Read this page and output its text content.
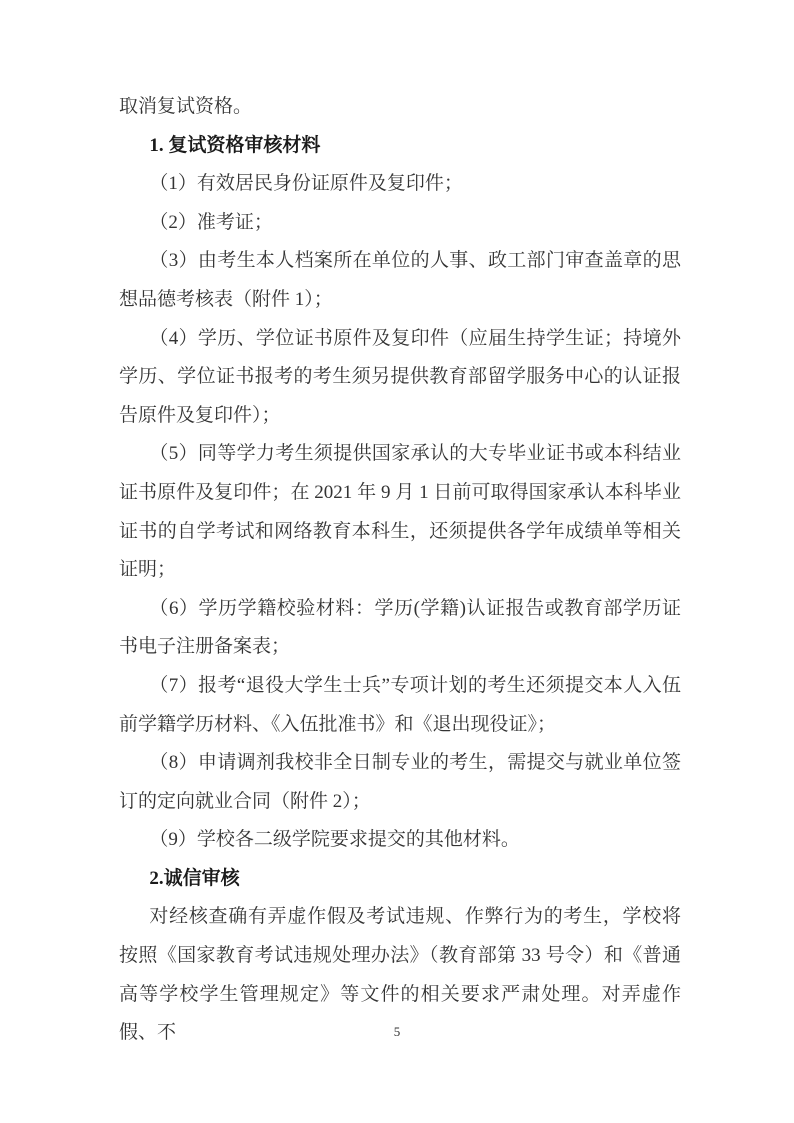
取消复试资格。

1. 复试资格审核材料

（1）有效居民身份证原件及复印件；

（2）准考证；

（3）由考生本人档案所在单位的人事、政工部门审查盖章的思想品德考核表（附件 1）；

（4）学历、学位证书原件及复印件（应届生持学生证；持境外学历、学位证书报考的考生须另提供教育部留学服务中心的认证报告原件及复印件）；

（5）同等学力考生须提供国家承认的大专毕业证书或本科结业证书原件及复印件；在 2021 年 9 月 1 日前可取得国家承认本科毕业证书的自学考试和网络教育本科生，还须提供各学年成绩单等相关证明；

（6）学历学籍校验材料：学历(学籍)认证报告或教育部学历证书电子注册备案表；

（7）报考“退役大学生士兵”专项计划的考生还须提交本人入伍前学籍学历材料、《入伍批准书》和《退出现役证》；

（8）申请调剂我校非全日制专业的考生，需提交与就业单位签订的定向就业合同（附件 2）；

（9）学校各二级学院要求提交的其他材料。

2.诚信审核

对经核查确有弄虚作假及考试违规、作弊行为的考生，学校将按照《国家教育考试违规处理办法》（教育部第 33 号令）和《普通高等学校学生管理规定》等文件的相关要求严肃处理。对弄虚作假、不	5
